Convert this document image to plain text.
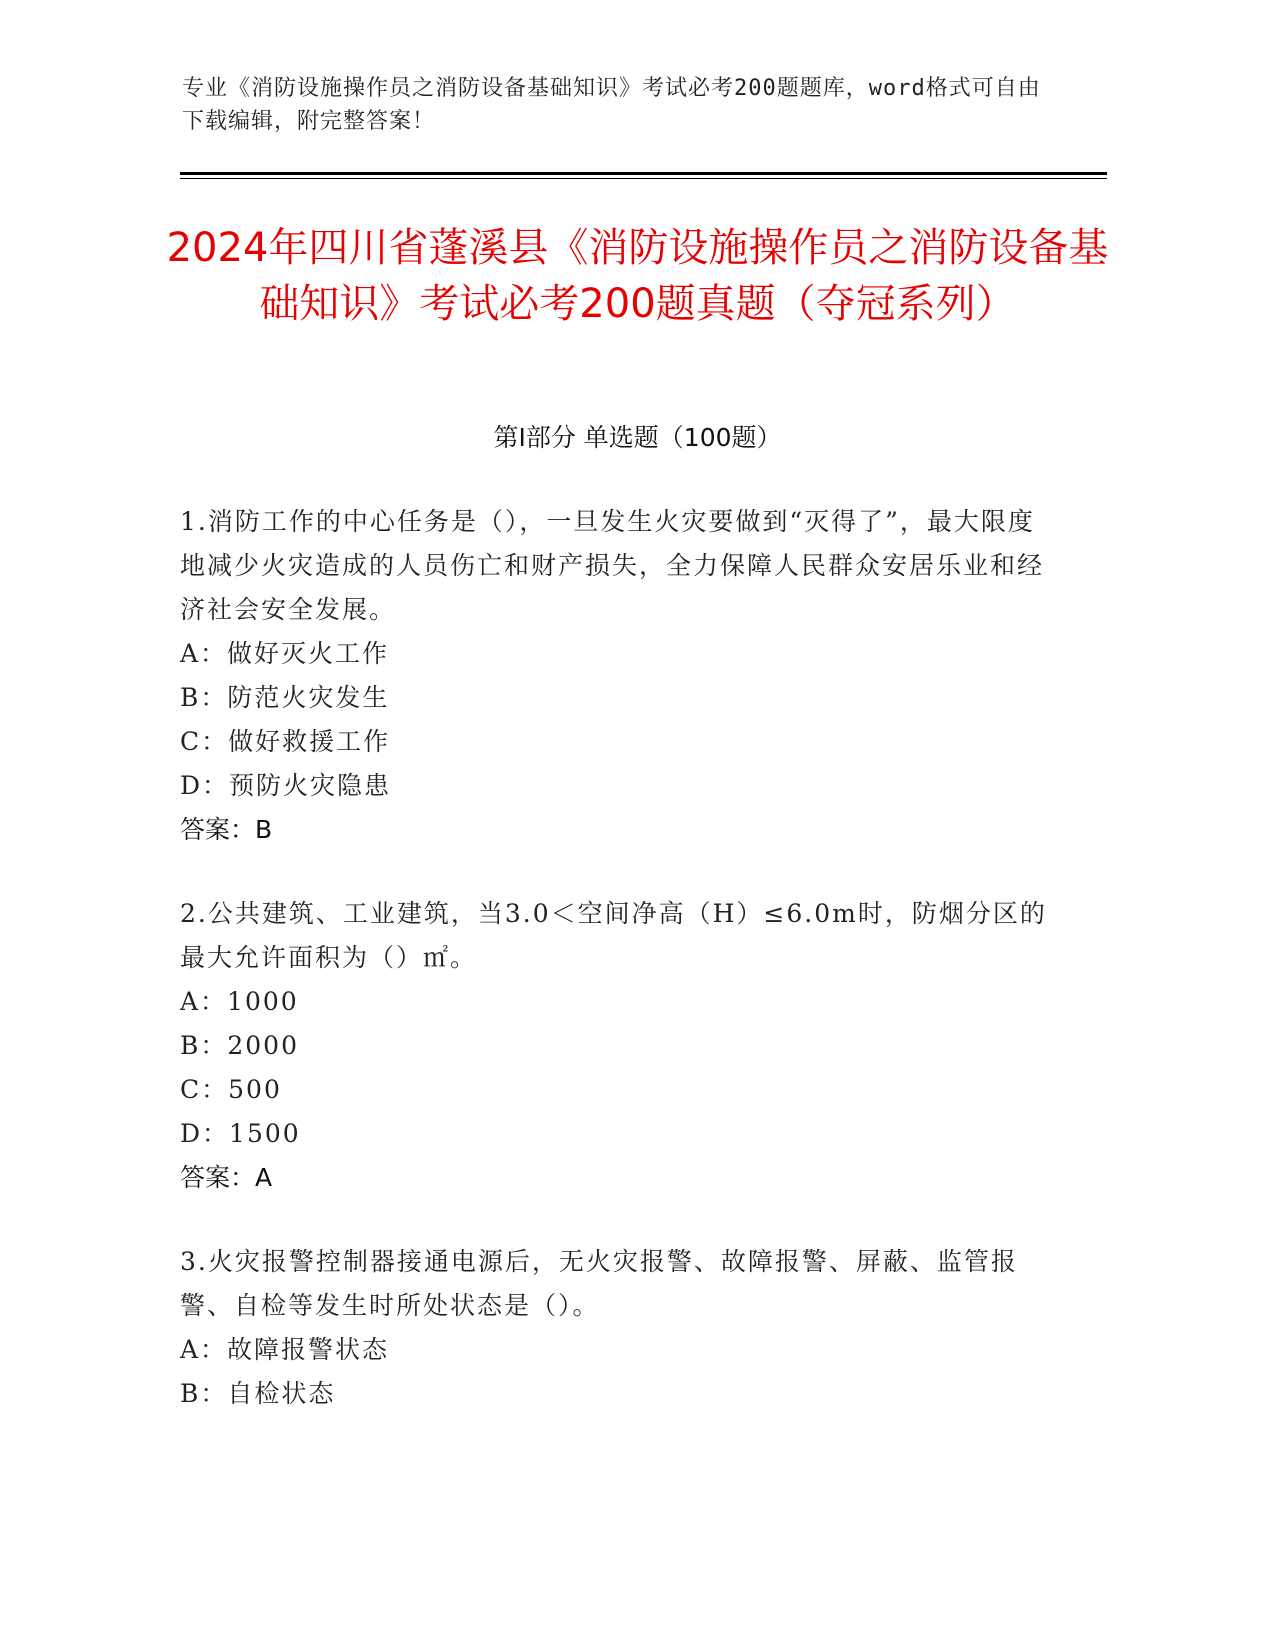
专业《消防设施操作员之消防设备基础知识》考试必考200题题库，word格式可自由下载编辑，附完整答案！
2024年四川省蓬溪县《消防设施操作员之消防设备基础知识》考试必考200题真题（夺冠系列）
第I部分 单选题（100题）
1.消防工作的中心任务是（），一旦发生火灾要做到“灭得了”，最大限度地减少火灾造成的人员伤亡和财产损失，全力保障人民群众安居乐业和经济社会安全发展。
A：做好灭火工作
B：防范火灾发生
C：做好救援工作
D：预防火灾隐患
答案：B
2.公共建筑、工业建筑，当3.0＜空间净高（H）≤6.0m时，防烟分区的最大允许面积为（）㎡。
A：1000
B：2000
C：500
D：1500
答案：A
3.火灾报警控制器接通电源后，无火灾报警、故障报警、屏蔽、监管报警、自检等发生时所处状态是（）。
A：故障报警状态
B：自检状态
